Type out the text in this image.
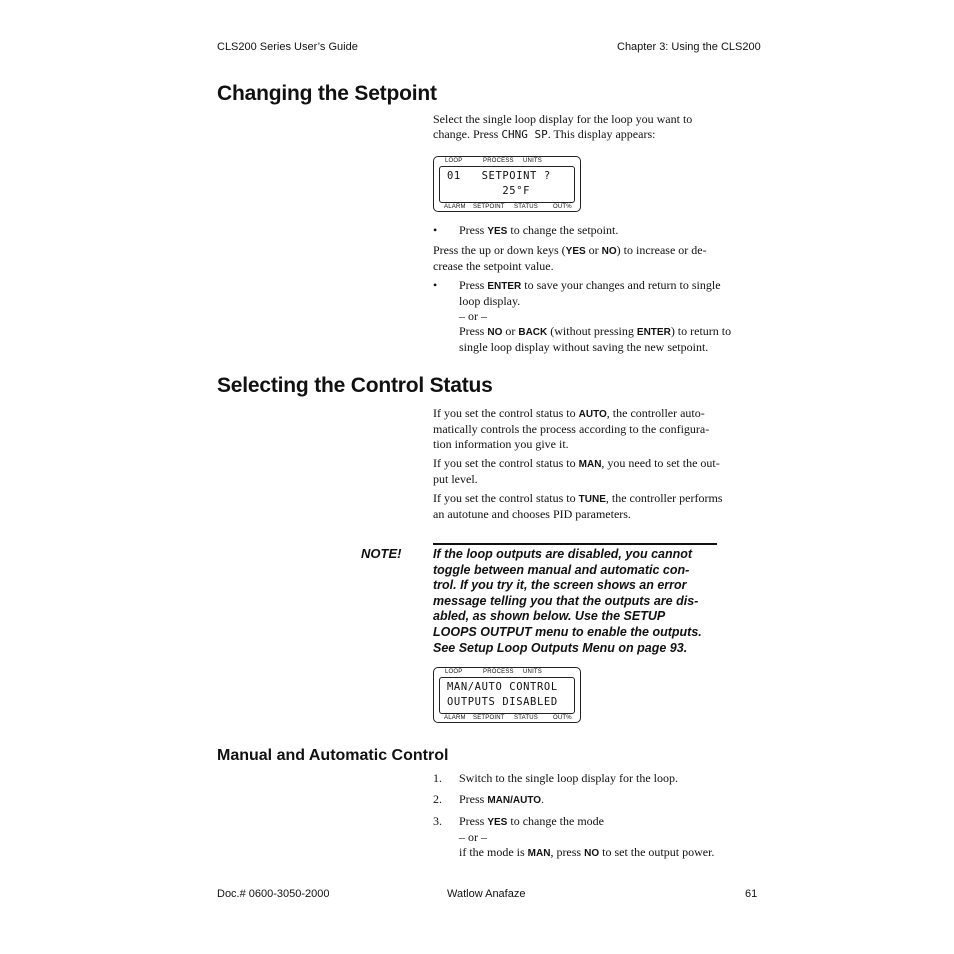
CLS200 Series User’s Guide	Chapter 3: Using the CLS200
Changing the Setpoint

Select the single loop display for the loop you want to

change. Press CHNG SP. This display appears:

LOOP	PROCESS UNITS
01   SETPOINT ?
25°F
ALARM SETPOINT STATUS	OUT%

• Press YES to change the setpoint.

Press the up or down keys (YES or NO) to increase or de-

crease the setpoint value.

• Press ENTER to save your changes and return to single

loop display.

– or –

Press NO or BACK (without pressing ENTER) to return to

single loop display without saving the new setpoint.

Selecting the Control Status

If you set the control status to AUTO, the controller auto-

matically controls the process according to the configura-

tion information you give it.

If you set the control status to MAN, you need to set the out-

put level.

If you set the control status to TUNE, the controller performs

an autotune and chooses PID parameters.

NOTE!	If the loop outputs are disabled, you cannot
toggle between manual and automatic con-
trol. If you try it, the screen shows an error
message telling you that the outputs are dis-
abled, as shown below. Use the SETUP
LOOPS OUTPUT menu to enable the outputs.
See Setup Loop Outputs Menu on page 93.
LOOP	PROCESS UNITS
MAN/AUTO CONTROL
OUTPUTS DISABLED
ALARM SETPOINT STATUS	OUT%
Manual and Automatic Control

1. Switch to the single loop display for the loop.

2. Press MAN/AUTO.

3. Press YES to change the mode

– or –

if the mode is MAN, press NO to set the output power.

Doc.# 0600-3050-2000	Watlow Anafaze	61
